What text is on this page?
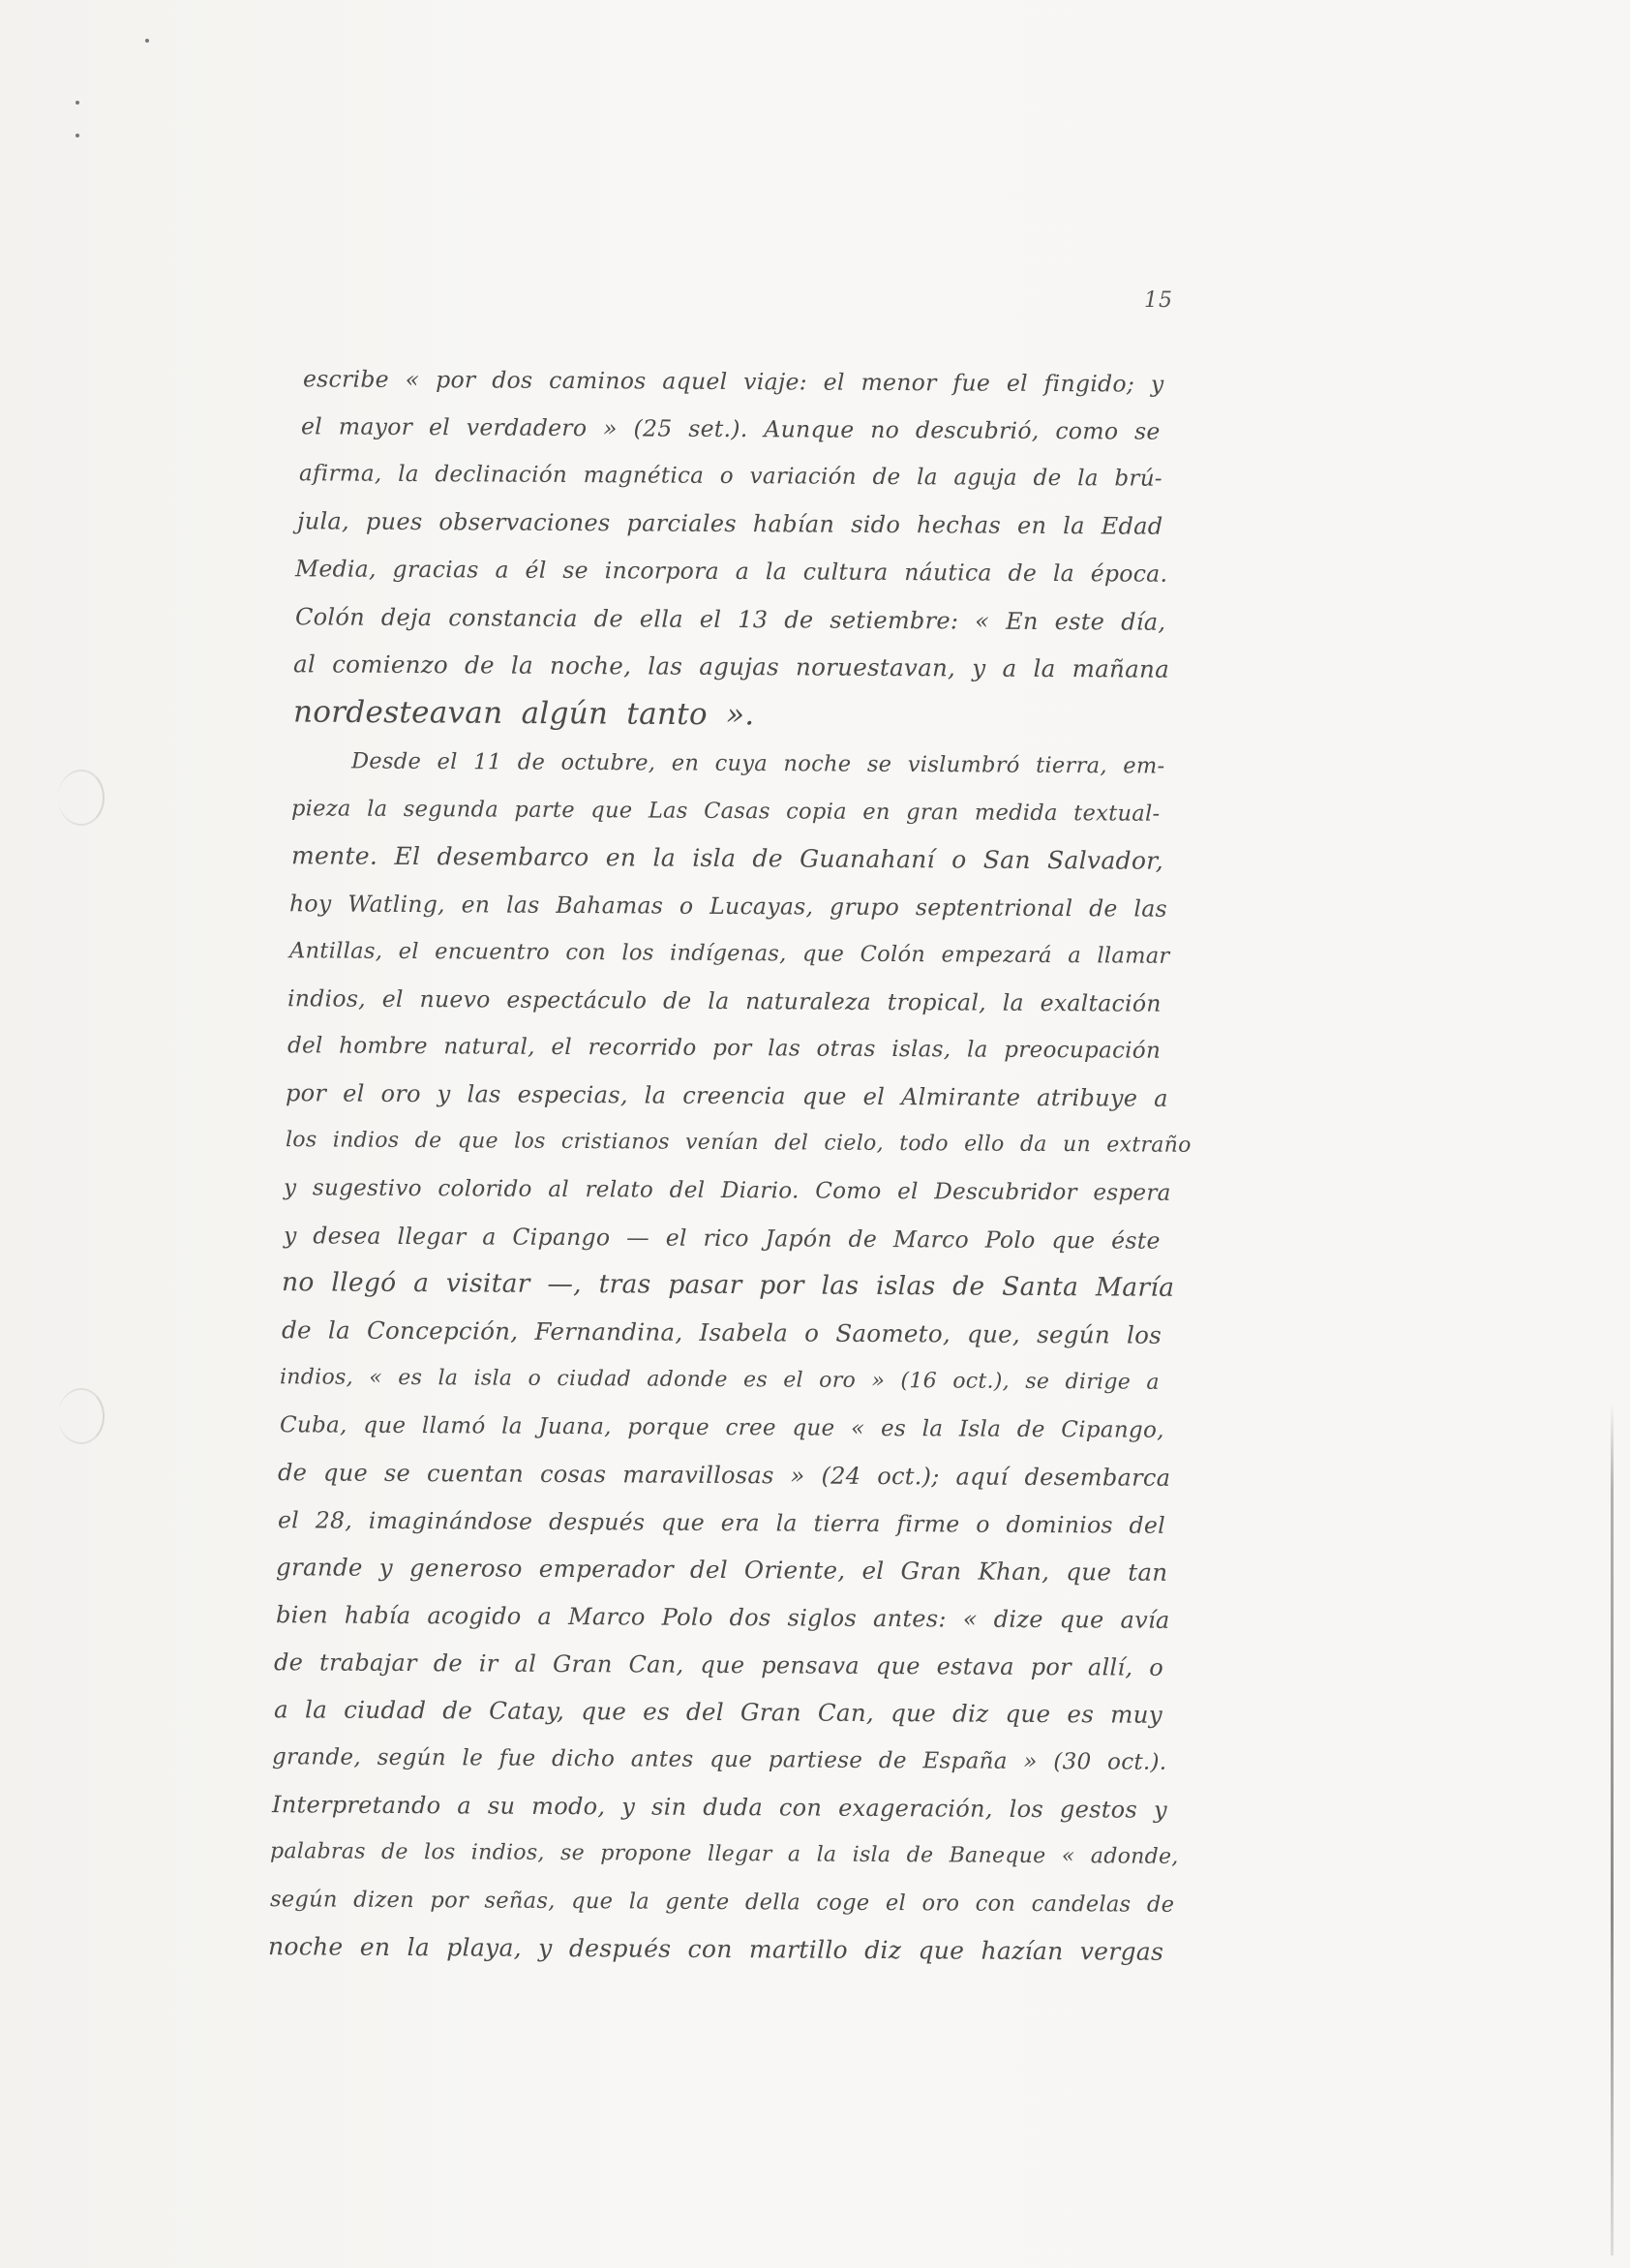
15
escribe « por dos caminos aquel viaje: el menor fue el fingido; y
el mayor el verdadero » (25 set.). Aunque no descubrió, como se
afirma, la declinación magnética o variación de la aguja de la brú-
jula, pues observaciones parciales habían sido hechas en la Edad
Media, gracias a él se incorpora a la cultura náutica de la época.
Colón deja constancia de ella el 13 de setiembre: « En este día,
al comienzo de la noche, las agujas noruestavan, y a la mañana
nordesteavan algún tanto ».
Desde el 11 de octubre, en cuya noche se vislumbró tierra, em-
pieza la segunda parte que Las Casas copia en gran medida textual-
mente. El desembarco en la isla de Guanahaní o San Salvador,
hoy Watling, en las Bahamas o Lucayas, grupo septentrional de las
Antillas, el encuentro con los indígenas, que Colón empezará a llamar
indios, el nuevo espectáculo de la naturaleza tropical, la exaltación
del hombre natural, el recorrido por las otras islas, la preocupación
por el oro y las especias, la creencia que el Almirante atribuye a
los indios de que los cristianos venían del cielo, todo ello da un extraño
y sugestivo colorido al relato del Diario. Como el Descubridor espera
y desea llegar a Cipango — el rico Japón de Marco Polo que éste
no llegó a visitar —, tras pasar por las islas de Santa María
de la Concepción, Fernandina, Isabela o Saometo, que, según los
indios, « es la isla o ciudad adonde es el oro » (16 oct.), se dirige a
Cuba, que llamó la Juana, porque cree que « es la Isla de Cipango,
de que se cuentan cosas maravillosas » (24 oct.); aquí desembarca
el 28, imaginándose después que era la tierra firme o dominios del
grande y generoso emperador del Oriente, el Gran Khan, que tan
bien había acogido a Marco Polo dos siglos antes: « dize que avía
de trabajar de ir al Gran Can, que pensava que estava por allí, o
a la ciudad de Catay, que es del Gran Can, que diz que es muy
grande, según le fue dicho antes que partiese de España » (30 oct.).
Interpretando a su modo, y sin duda con exageración, los gestos y
palabras de los indios, se propone llegar a la isla de Baneque « adonde,
según dizen por señas, que la gente della coge el oro con candelas de
noche en la playa, y después con martillo diz que hazían vergas
